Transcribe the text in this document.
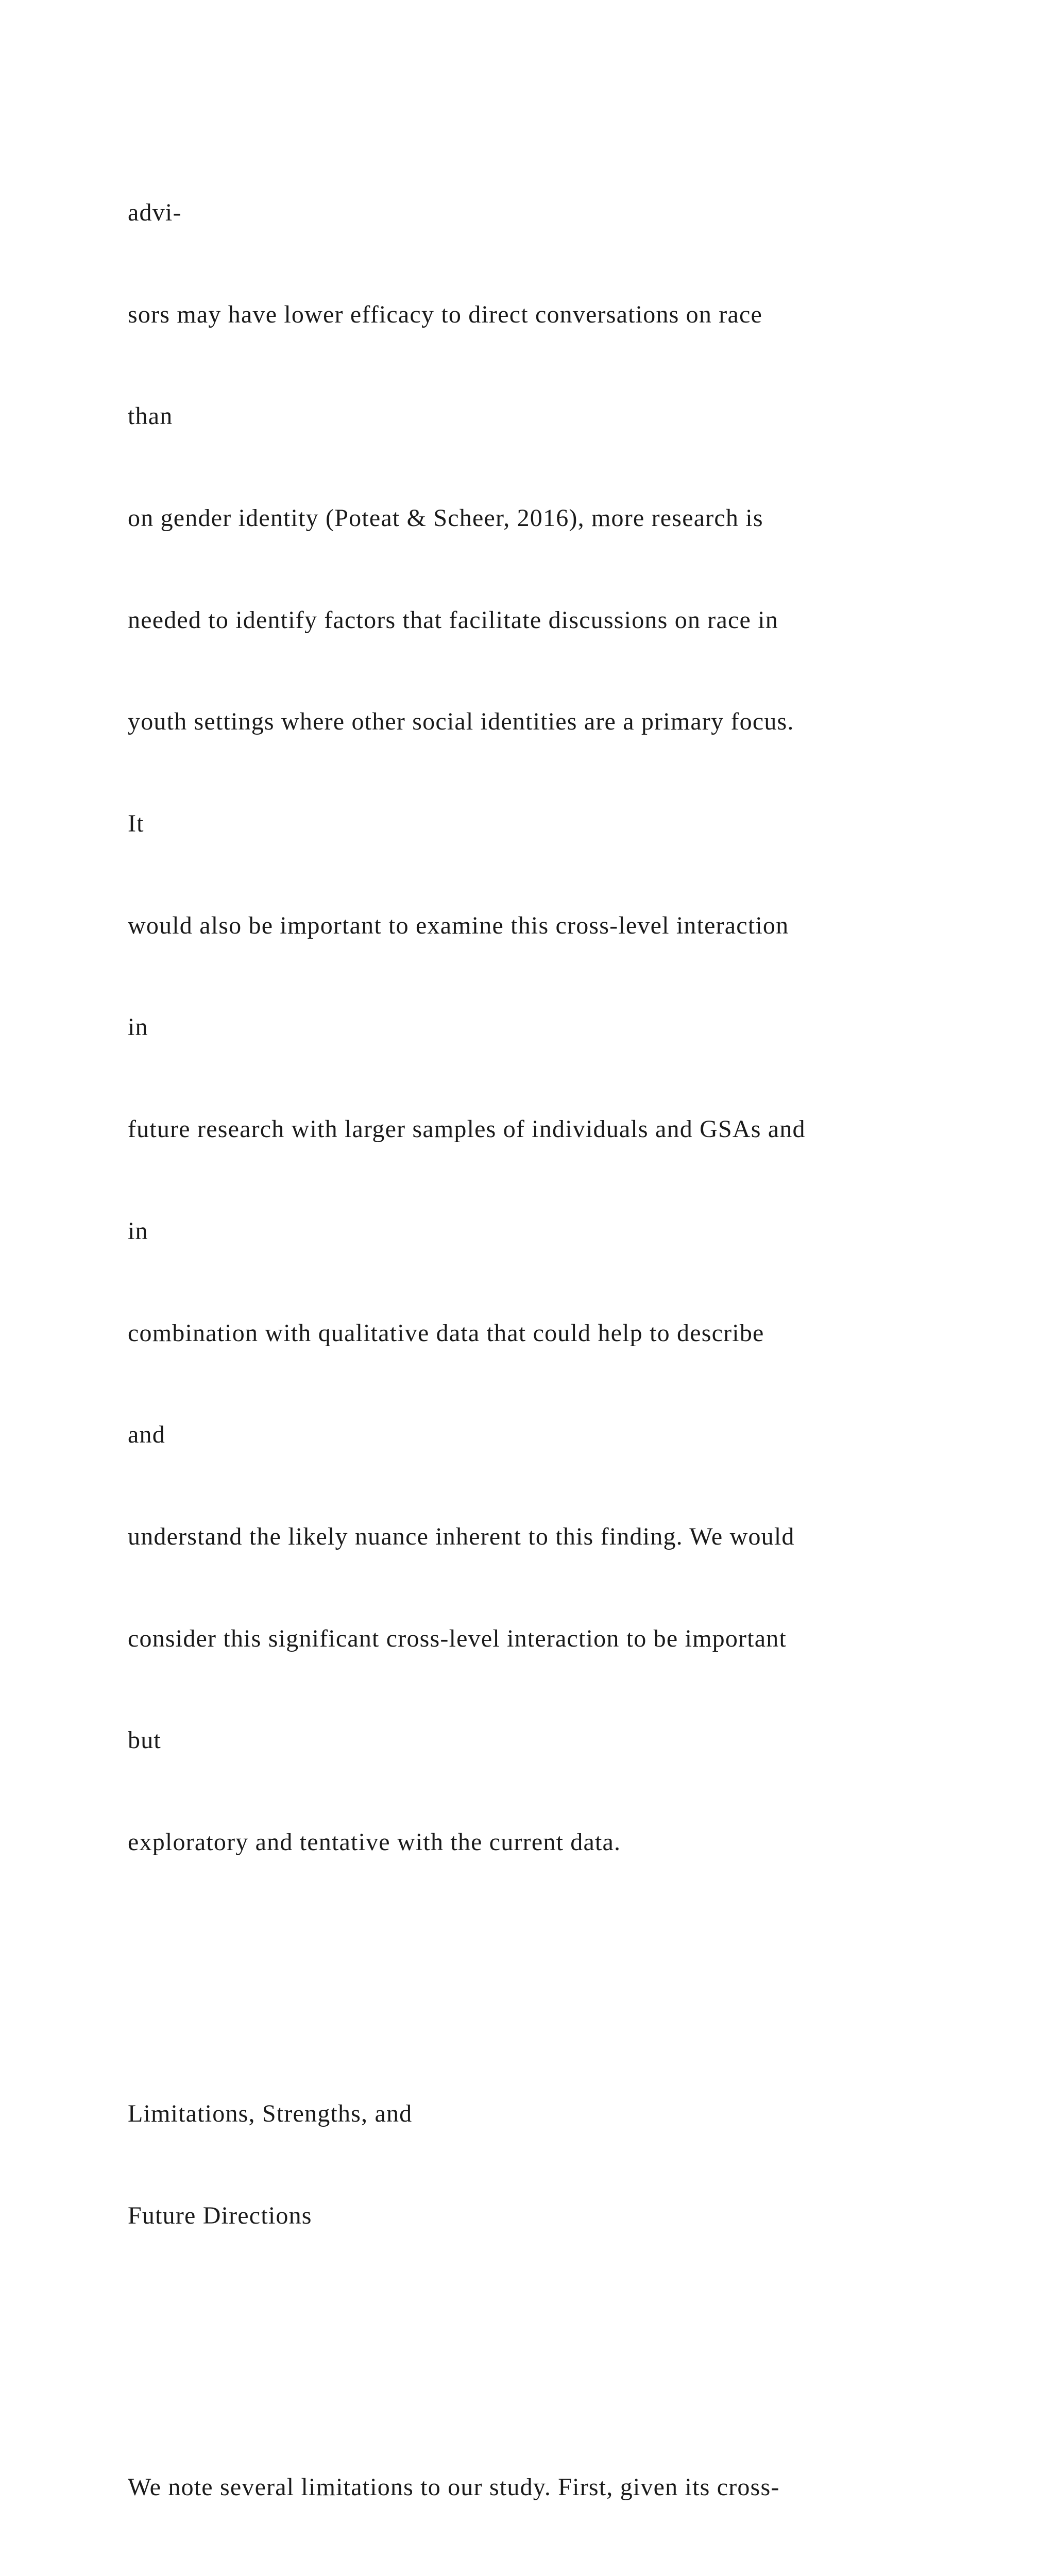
advi-

sors may have lower efficacy to direct conversations on race

than

on gender identity (Poteat & Scheer, 2016), more research is

needed to identify factors that facilitate discussions on race in

youth settings where other social identities are a primary focus.

It

would also be important to examine this cross-level interaction

in

future research with larger samples of individuals and GSAs and

in

combination with qualitative data that could help to describe

and

understand the likely nuance inherent to this finding. We would

consider this significant cross-level interaction to be important

but

exploratory and tentative with the current data.

Limitations, Strengths, and

Future Directions

We note several limitations to our study. First, given its cross-
